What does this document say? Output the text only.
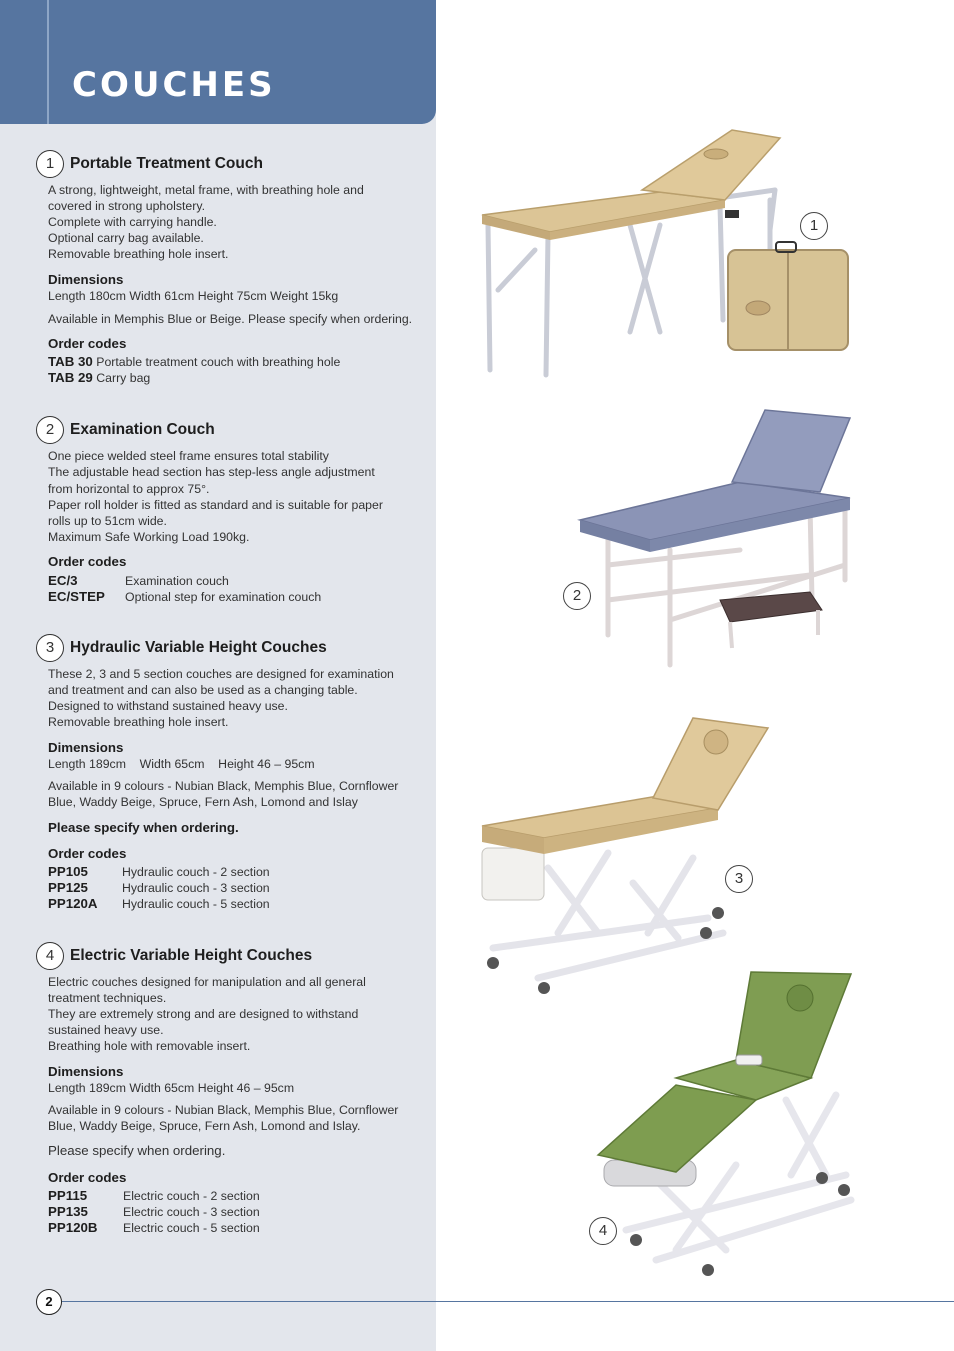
COUCHES
1	Portable Treatment Couch
A strong, lightweight, metal frame, with breathing hole and
covered in strong upholstery.
Complete with carrying handle.
Optional carry bag available.
Removable breathing hole insert.
Dimensions
Length 180cm Width 61cm Height 75cm Weight 15kg
Available in Memphis Blue or Beige. Please specify when ordering.
Order codes
TAB 30 Portable treatment couch with breathing hole
TAB 29 Carry bag
2	Examination Couch
One piece welded steel frame ensures total stability
The adjustable head section has step-less angle adjustment
from horizontal to approx 75°.
Paper roll holder is fitted as standard and is suitable for paper
rolls up to 51cm wide.
Maximum Safe Working Load 190kg.
Order codes
EC/3	Examination couch
EC/STEP Optional step for examination couch
3	Hydraulic Variable Height Couches
These 2, 3 and 5 section couches are designed for examination
and treatment and can also be used as a changing table.
Designed to withstand sustained heavy use.
Removable breathing hole insert.
Dimensions
Length 189cm    Width 65cm    Height 46 – 95cm
Available in 9 colours - Nubian Black, Memphis Blue, Cornflower
Blue, Waddy Beige, Spruce, Fern Ash, Lomond and Islay
Please specify when ordering.
Order codes
PP105	Hydraulic couch - 2 section
PP125	Hydraulic couch - 3 section
PP120A Hydraulic couch - 5 section
4	Electric Variable Height Couches
Electric couches designed for manipulation and all general
treatment techniques.
They are extremely strong and are designed to withstand
sustained heavy use.
Breathing hole with removable insert.
Dimensions
Length 189cm Width 65cm Height 46 – 95cm
Available in 9 colours - Nubian Black, Memphis Blue, Cornflower
Blue, Waddy Beige, Spruce, Fern Ash, Lomond and Islay.
Please specify when ordering.
Order codes
PP115	Electric couch - 2 section
PP135	Electric couch - 3 section
PP120B Electric couch - 5 section
1
2
3
4
2
